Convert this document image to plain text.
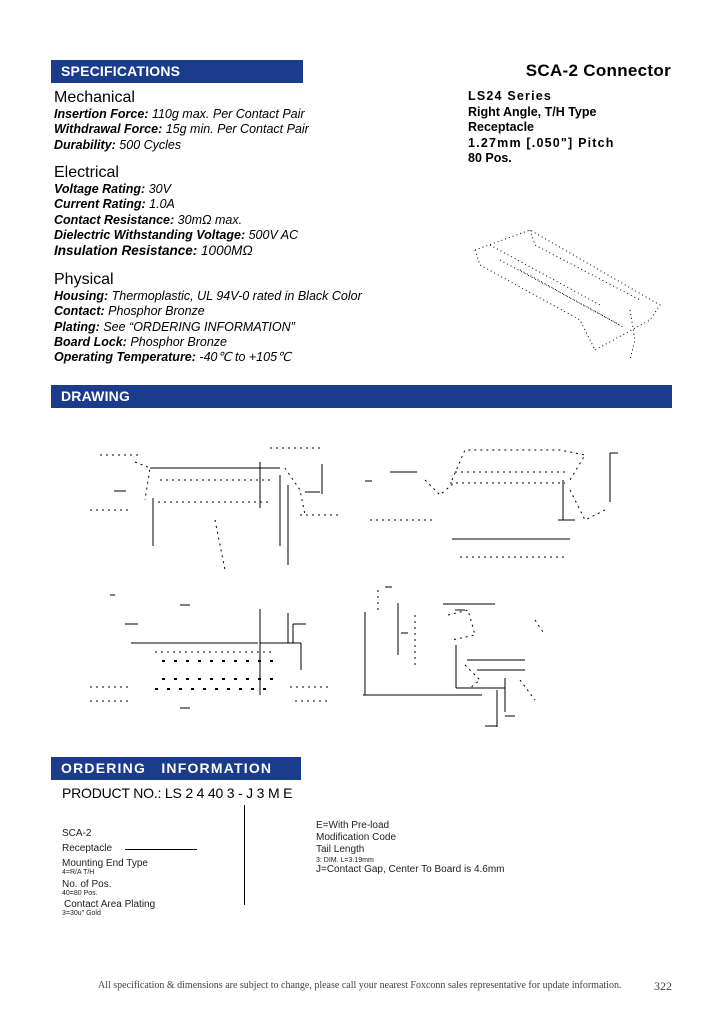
SPECIFICATIONS
DRAWING
ORDERING   INFORMATION
SCA-2 Connector
LS24 Series
Right Angle, T/H Type
Receptacle
1.27mm [.050"] Pitch
80 Pos.
Mechanical
Insertion Force: 110g max. Per Contact Pair
Withdrawal Force: 15g min. Per Contact Pair
Durability: 500 Cycles
Electrical
Voltage Rating: 30V
Current Rating: 1.0A
Contact Resistance: 30mΩ max.
Dielectric Withstanding Voltage: 500V AC
Insulation Resistance: 1000MΩ
Physical
Housing: Thermoplastic, UL 94V-0 rated in Black Color
Contact: Phosphor Bronze
Plating: See “ORDERING INFORMATION”
Board Lock: Phosphor Bronze
Operating Temperature: -40℃ to +105℃
PRODUCT NO.: LS 2 4 40 3 - J 3 M E
SCA-2
Receptacle
Mounting End Type
4=R/A T/H
No. of Pos.
40=80 Pos.
Contact Area Plating
3=30u" Gold
E=With Pre-load
Modification Code
Tail Length
3: DIM. L=3.19mm
J=Contact Gap, Center To Board is 4.6mm
All specification & dimensions are subject to change, please call your nearest Foxconn sales representative for update information.	322
